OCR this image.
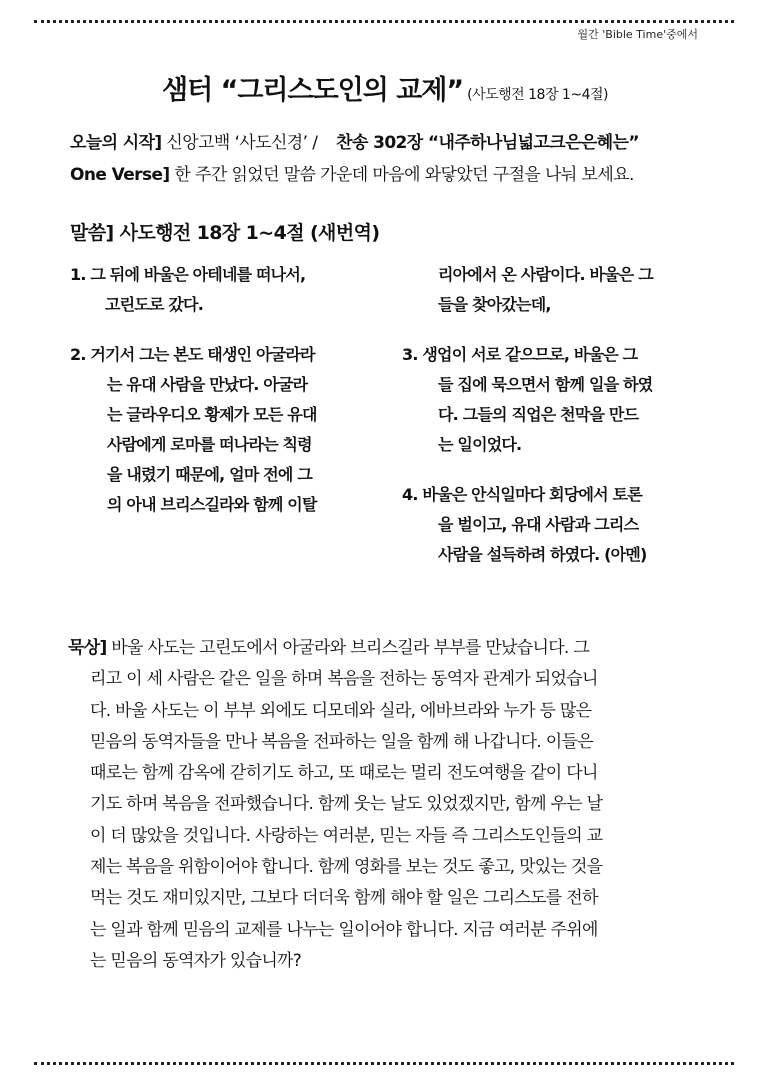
월간 'Bible Time'중에서
샘터 “그리스도인의 교제” (사도행전 18장 1~4절)
오늘의 시작] 신앙고백 ‘사도신경’ / 찬송 302장 “내주하나님넓고크은은혜는”
One Verse] 한 주간 읽었던 말씀 가운데 마음에 와닿았던 구절을 나눠 보세요.
말씀] 사도행전 18장 1~4절 (새번역)

1. 그 뒤에 바울은 아테네를 떠나서,

고린도로 갔다.

2. 거기서 그는 본도 태생인 아굴라라

는 유대 사람을 만났다. 아굴라

는 글라우디오 황제가 모든 유대

사람에게 로마를 떠나라는 칙령

을 내렸기 때문에, 얼마 전에 그

의 아내 브리스길라와 함께 이탈

리아에서 온 사람이다. 바울은 그

들을 찾아갔는데,

3. 생업이 서로 같으므로, 바울은 그

들 집에 묵으면서 함께 일을 하였

다. 그들의 직업은 천막을 만드

는 일이었다.

4. 바울은 안식일마다 회당에서 토론

을 벌이고, 유대 사람과 그리스

사람을 설득하려 하였다. (아멘)

묵상] 바울 사도는 고린도에서 아굴라와 브리스길라 부부를 만났습니다. 그

리고 이 세 사람은 같은 일을 하며 복음을 전하는 동역자 관계가 되었습니

다. 바울 사도는 이 부부 외에도 디모데와 실라, 에바브라와 누가 등 많은

믿음의 동역자들을 만나 복음을 전파하는 일을 함께 해 나갑니다. 이들은

때로는 함께 감옥에 갇히기도 하고, 또 때로는 멀리 전도여행을 같이 다니

기도 하며 복음을 전파했습니다. 함께 웃는 날도 있었겠지만, 함께 우는 날

이 더 많았을 것입니다. 사랑하는 여러분, 믿는 자들 즉 그리스도인들의 교

제는 복음을 위함이어야 합니다. 함께 영화를 보는 것도 좋고, 맛있는 것을

먹는 것도 재미있지만, 그보다 더더욱 함께 해야 할 일은 그리스도를 전하

는 일과 함께 믿음의 교제를 나누는 일이어야 합니다. 지금 여러분 주위에

는 믿음의 동역자가 있습니까?
